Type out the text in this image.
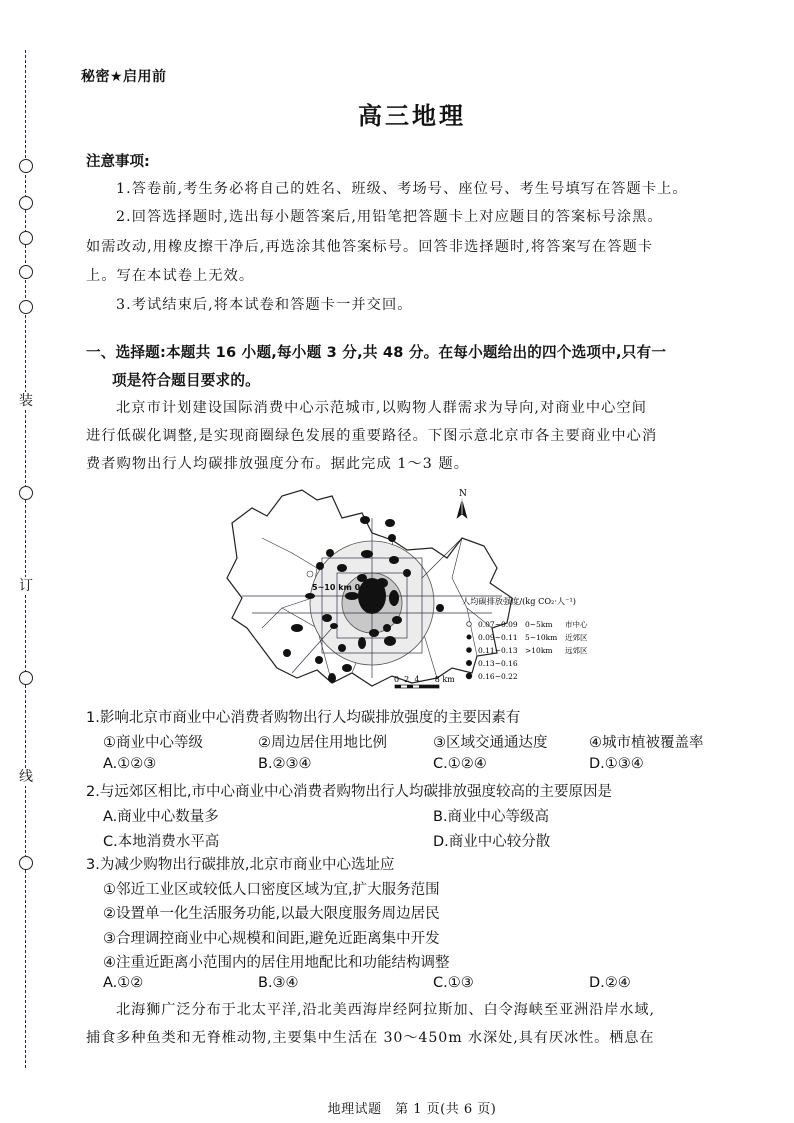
装
订
线
秘密★启用前
高三地理
注意事项:
1.答卷前,考生务必将自己的姓名、班级、考场号、座位号、考生号填写在答题卡上。
2.回答选择题时,选出每小题答案后,用铅笔把答题卡上对应题目的答案标号涂黑。
如需改动,用橡皮擦干净后,再选涂其他答案标号。回答非选择题时,将答案写在答题卡
上。写在本试卷上无效。
3.考试结束后,将本试卷和答题卡一并交回。
一、选择题:本题共 16 小题,每小题 3 分,共 48 分。在每小题给出的四个选项中,只有一
项是符合题目要求的。
北京市计划建设国际消费中心示范城市,以购物人群需求为导向,对商业中心空间
进行低碳化调整,是实现商圈绿色发展的重要路径。下图示意北京市各主要商业中心消
费者购物出行人均碳排放强度分布。据此完成 1～3 题。
5~10 km 0~5
N
0  2  4      8 km
人均碳排放强度/(kg CO₂·人⁻¹)
0.07~0.09
0.09~0.11
0.11~0.13
0.13~0.16
0.16~0.22
0~5km
5~10km
>10km
市中心
近郊区
远郊区
1.影响北京市商业中心消费者购物出行人均碳排放强度的主要因素有
①商业中心等级	②周边居住用地比例	③区域交通通达度	④城市植被覆盖率
A.①②③	B.②③④	C.①②④	D.①③④
2.与远郊区相比,市中心商业中心消费者购物出行人均碳排放强度较高的主要原因是
A.商业中心数量多	B.商业中心等级高
C.本地消费水平高	D.商业中心较分散
3.为减少购物出行碳排放,北京市商业中心选址应
①邻近工业区或较低人口密度区域为宜,扩大服务范围
②设置单一化生活服务功能,以最大限度服务周边居民
③合理调控商业中心规模和间距,避免近距离集中开发
④注重近距离小范围内的居住用地配比和功能结构调整
A.①②	B.③④	C.①③	D.②④
北海狮广泛分布于北太平洋,沿北美西海岸经阿拉斯加、白令海峡至亚洲沿岸水域,
捕食多种鱼类和无脊椎动物,主要集中生活在 30～450m 水深处,具有厌冰性。栖息在
地理试题　第 1 页(共 6 页)
